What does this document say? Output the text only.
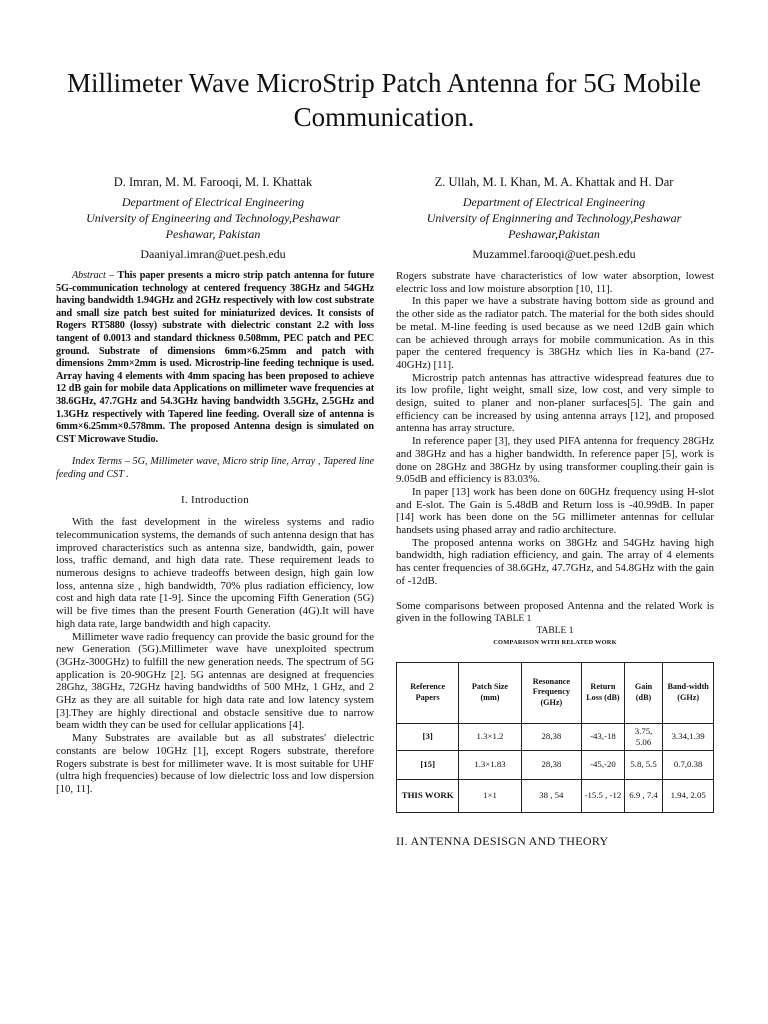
Millimeter Wave MicroStrip Patch Antenna for 5G Mobile Communication.
D. Imran, M. M. Farooqi, M. I. Khattak
Department of Electrical Engineering
University of Engineering and Technology,Peshawar
Peshawar, Pakistan
Daaniyal.imran@uet.pesh.edu
Z. Ullah, M. I. Khan, M. A. Khattak and H. Dar
Department of Electrical Engineering
University of Enginnering and Technology,Peshawar
Peshawar,Pakistan
Muzammel.farooqi@uet.pesh.edu

Abstract – This paper presents a micro strip patch antenna for future 5G-communication technology at centered frequency 38GHz and 54GHz having bandwidth 1.94GHz and 2GHz respectively with low cost substrate and small size patch best suited for miniaturized devices. It consists of Rogers RT5880 (lossy) substrate with dielectric constant 2.2 with loss tangent of 0.0013 and standard thickness 0.508mm, PEC patch and PEC ground. Substrate of dimensions 6mm×6.25mm and patch with dimensions 2mm×2mm is used. Microstrip-line feeding technique is used. Array having 4 elements with 4mm spacing has been proposed to achieve 12 dB gain for mobile data Applications on millimeter wave frequencies at 38.6GHz, 47.7GHz and 54.3GHz having bandwidth 3.5GHz, 2.5GHz and 1.3GHz respectively with Tapered line feeding. Overall size of antenna is 6mm×6.25mm×0.578mm. The proposed Antenna design is simulated on CST Microwave Studio.

Index Terms – 5G, Millimeter wave, Micro strip line, Array , Tapered line feeding and CST .

I. Introduction

With the fast development in the wireless systems and radio telecommunication systems, the demands of such antenna design that has improved characteristics such as antenna size, bandwidth, gain, power loss, traffic demand, and high data rate. These requirement leads to numerous designs to achieve tradeoffs between design, high gain low loss, antenna size , high bandwidth, 70% plus radiation efficiency, low cost and high data rate [1-9]. Since the upcoming Fifth Generation (5G) will be five times than the present Fourth Generation (4G).It will have high data rate, large bandwidth and high capacity.

Millimeter wave radio frequency can provide the basic ground for the new Generation (5G).Millimeter wave have unexploited spectrum (3GHz-300GHz) to fulfill the new generation needs. The spectrum of 5G application is 20-90GHz [2]. 5G antennas are designed at frequencies 28Ghz, 38GHz, 72GHz having bandwidths of 500 MHz, 1 GHz, and 2 GHz as they are all suitable for high data rate and low latency system [3].They are highly directional and obstacle sensitive due to narrow beam width they can be used for cellular applications [4].

Many Substrates are available but as all substrates' dielectric constants are below 10GHz [1], except Rogers substrate, therefore Rogers substrate is best for millimeter wave. It is most suitable for UHF (ultra high frequencies) because of low dielectric loss and low dispersion [10, 11].

Rogers substrate have characteristics of low water absorption, lowest electric loss and low moisture absorption [10, 11].

In this paper we have a substrate having bottom side as ground and the other side as the radiator patch. The material for the both sides should be metal. M-line feeding is used because as we need 12dB gain which can be achieved through arrays for mobile communication. As in this paper the centered frequency is 38GHz which lies in Ka-band (27-40GHz) [11].

Microstrip patch antennas has attractive widespread features due to its low profile, light weight, small size, low cost, and very simple to design, suited to planer and non-planer surfaces[5]. The gain and efficiency can be increased by using antenna arrays [12], and proposed antenna has array structure.

In reference paper [3], they used PIFA antenna for frequency 28GHz and 38GHz and has a higher bandwidth. In reference paper [5], work is done on 28GHz and 38GHz by using transformer coupling.their gain is 9.05dB and efficiency is 83.03%.

In paper [13] work has been done on 60GHz frequency using H-slot and E-slot. The Gain is 5.48dB and Return loss is -40.99dB. In paper [14] work has been done on the 5G millimeter antennas for cellular handsets using phased array and radio architecture.

The proposed antenna works on 38GHz and 54GHz having high bandwidth, high radiation efficiency, and gain. The array of 4 elements has center frequencies of 38.6GHz, 47.7GHz, and 54.8GHz with the gain of -12dB.

Some comparisons between proposed Antenna and the related Work is given in the following TABLE 1

TABLE 1
COMPARISON WITH RELATED WORK
Reference Papers	Patch Size (mm)	Resonance Frequency (GHz)	Return Loss (dB)	Gain (dB)	Band-width (GHz)
[3]	1.3×1.2	28,38	-43,-18	3.75, 5.06	3.34,1.39
[15]	1.3×1.83	28,38	-45,-20	5.8, 5.5	0.7,0.38
THIS WORK	1×1	38 , 54	-15.5 , -12	6.9 , 7.4	1.94, 2.05
II. ANTENNA DESISGN AND THEORY
